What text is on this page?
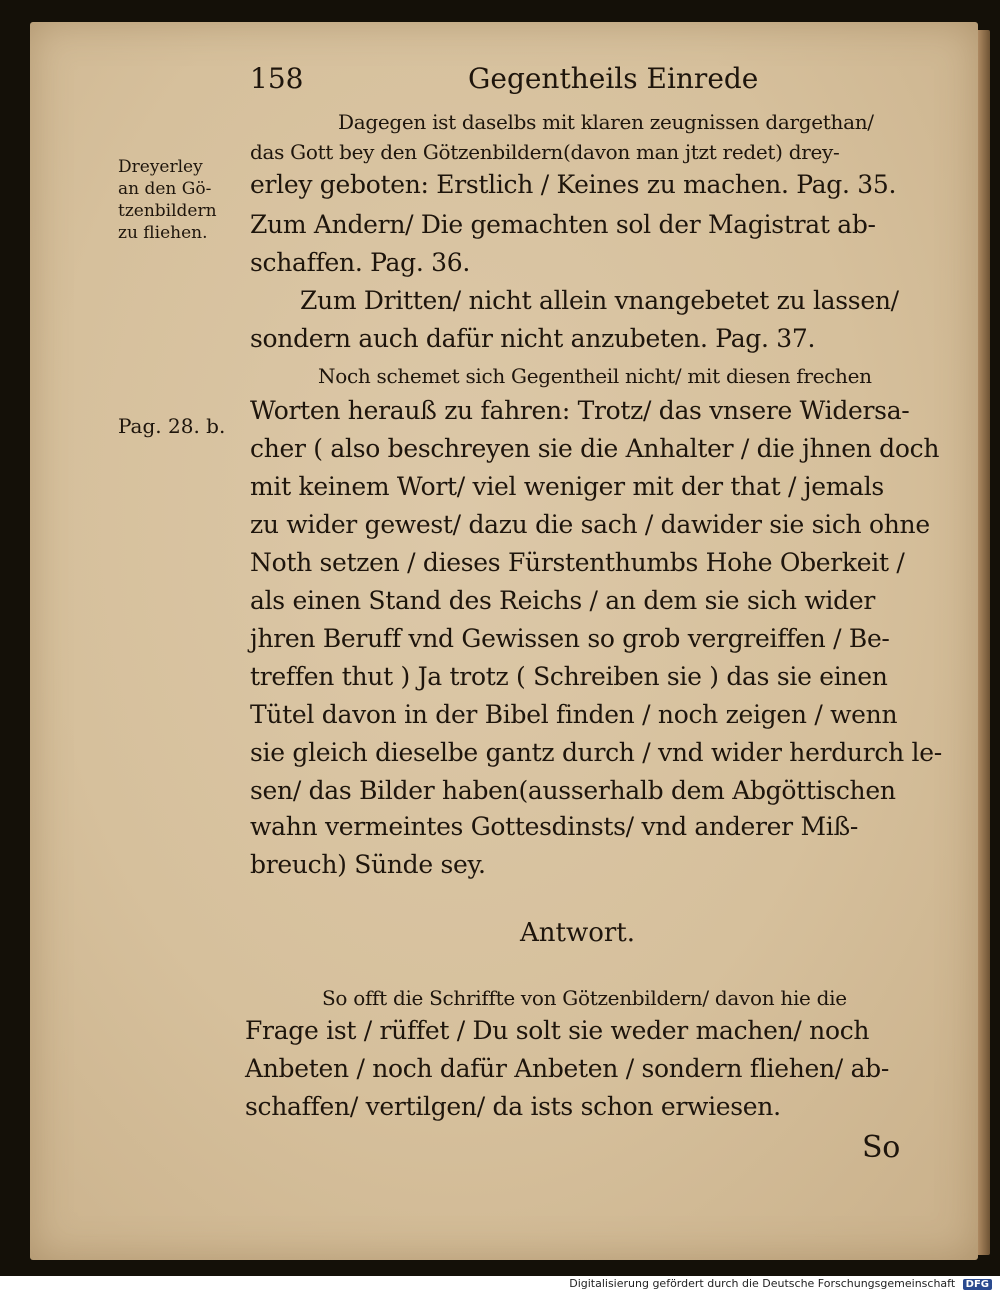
158	Gegentheils Einrede
Dreyerley
an den Gö-
tzenbildern
zu fliehen.
Pag. 28. b.
Dagegen ist daselbs mit klaren zeugnissen dargethan/
das Gott bey den Götzenbildern(davon man jtzt redet) drey-
erley geboten: Erstlich / Keines zu machen. Pag. 35.
Zum Andern/ Die gemachten sol der Magistrat ab-
schaffen. Pag. 36.
Zum Dritten/ nicht allein vnangebetet zu lassen/
sondern auch dafür nicht anzubeten. Pag. 37.
Noch schemet sich Gegentheil nicht/ mit diesen frechen
Worten herauß zu fahren: Trotz/ das vnsere Widersa-
cher ( also beschreyen sie die Anhalter / die jhnen doch
mit keinem Wort/ viel weniger mit der that / jemals
zu wider gewest/ dazu die sach / dawider sie sich ohne
Noth setzen / dieses Fürstenthumbs Hohe Oberkeit /
als einen Stand des Reichs / an dem sie sich wider
jhren Beruff vnd Gewissen so grob vergreiffen / Be-
treffen thut ) Ja trotz ( Schreiben sie ) das sie einen
Tütel davon in der Bibel finden / noch zeigen / wenn
sie gleich dieselbe gantz durch / vnd wider herdurch le-
sen/ das Bilder haben(ausserhalb dem Abgöttischen
wahn vermeintes Gottesdinsts/ vnd anderer Miß-
breuch) Sünde sey.
Antwort.
So offt die Schriffte von Götzenbildern/ davon hie die
Frage ist / rüffet / Du solt sie weder machen/ noch
Anbeten / noch dafür Anbeten / sondern fliehen/ ab-
schaffen/ vertilgen/ da ists schon erwiesen.
So
Digitalisierung gefördert durch die Deutsche Forschungsgemeinschaft DFG
